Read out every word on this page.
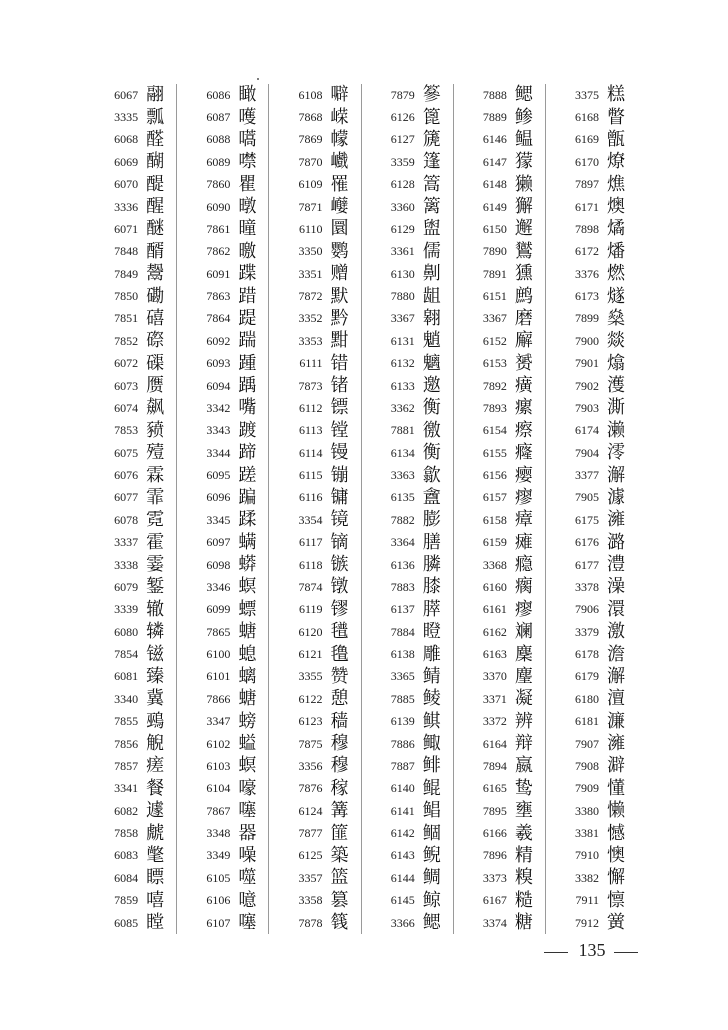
6067 翮
3335 瓢
6068 醛
6069 醐
6070 醍
3336 醒
6071 醚
7848 醑
7849 鬶
7850 磡
7851 礂
7852 磜
6072 磲
6073 赝
6074 飙
7853 豮
6075 殪
6076 霖
6077 霏
6078 霓
3337 霍
3338 霎
6079 錾
3339 辙
6080 辚
7854 镃
6081 臻
3340 冀
7855 鵐
7856 觬
7857 瘥
3341 餐
6082 遽
7858 虤
6083 氅
6084 瞟
7859 嘻
6085 瞠
6086 瞰
6087 嚄
6088 嚆
6089 噤
7860 瞿
6090 暾
7861 曈
7862 曒
6091 蹀
7863 踖
7864 踶
6092 踹
6093 踵
6094 踽
3342 嘴
3343 踱
3344 蹄
6095 蹉
6096 蹁
3345 蹂
6097 螨
6098 蟒
3346 螟
6099 螵
7865 螗
6100 螅
6101 螭
7866 螗
3347 螃
6102 螠
6103 螟
6104 嚎
7867 噻
3348 器
3349 噪
6105 噬
6106 噫
6107 噻
6108 噼
7868 嵘
7869 幪
7870 巇
6109 罹
7871 巕
6110 圜
3350 鹦
3351 赠
7872 默
3352 黔
3353 黚
6111 错
7873 锗
6112 镖
6113 镗
6114 镘
6115 镚
6116 镛
3354 镜
6117 镝
6118 镞
7874 镦
6119 镠
6120 氆
6121 氇
3355 赞
6122 憩
6123 穑
7875 穆
3356 穆
7876 稼
6124 篝
7877 篚
6125 築
3357 篮
3358 篡
7878 篯
7879 篸
6126 篦
6127 篪
3359 篷
6128 篙
3360 篱
6129 盥
3361 儒
6130 劓
7880 龃
3367 翱
6131 魈
6132 魑
6133 邀
3362 衡
7881 徼
6134 衡
3363 歙
6135 盦
7882 膨
3364 膳
6136 膦
7883 膝
6137 膵
7884 瞪
6138 雕
3365 鲭
7885 鲮
6139 鲯
7886 鲰
7887 鲱
6140 鲲
6141 鲳
6142 鲴
6143 鲵
6144 鲷
6145 鲸
3366 鳃
7888 鳃
7889 鲹
6146 鳁
6147 獴
6148 獭
6149 獬
6150 邂
7890 鸑
7891 獯
6151 鹧
3367 磨
6152 廨
6153 赟
7892 癀
7893 瘰
6154 瘵
6155 癃
6156 瘿
6157 瘳
6158 瘴
6159 瘫
3368 瘾
6160 瘸
6161 瘳
6162 斓
6163 麇
3370 麈
3371 凝
3372 辨
6164 辩
7894 嬴
6165 鸷
7895 壅
6166 羲
7896 精
3373 糗
6167 糙
3374 糖
3375 糕
6168 瞥
6169 甑
6170 燎
7897 燋
6171 燠
7898 燏
6172 燔
3376 燃
6173 燧
7899 燊
7900 燚
7901 熻
7902 濩
7903 澌
6174 濑
7904 澪
3377 澥
7905 澽
6175 澭
6176 潞
6177 澧
3378 澡
7906 澴
3379 激
6178 澹
6179 澥
6180 澶
6181 濂
7907 澭
7908 澼
7909 懂
3380 懒
3381 憾
7910 懊
3382 懈
7911 懔
7912 黉
135
